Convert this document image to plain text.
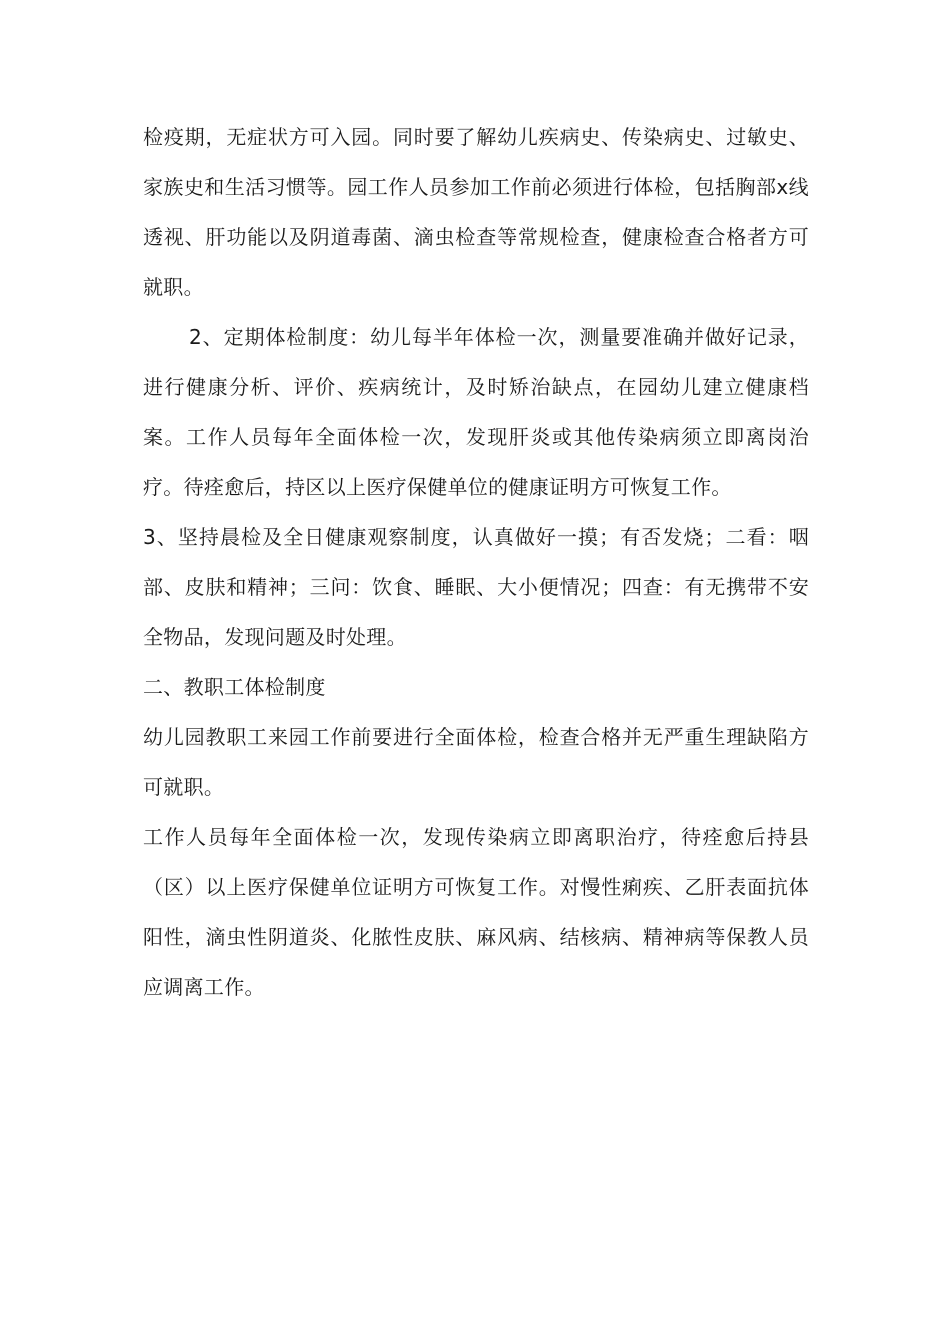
检疫期，无症状方可入园。同时要了解幼儿疾病史、传染病史、过敏史、家族史和生活习惯等。园工作人员参加工作前必须进行体检，包括胸部x线透视、肝功能以及阴道毒菌、滴虫检查等常规检查，健康检查合格者方可就职。

2、定期体检制度：幼儿每半年体检一次，测量要准确并做好记录，进行健康分析、评价、疾病统计，及时矫治缺点，在园幼儿建立健康档案。工作人员每年全面体检一次，发现肝炎或其他传染病须立即离岗治疗。待痊愈后，持区以上医疗保健单位的健康证明方可恢复工作。

3、坚持晨检及全日健康观察制度，认真做好一摸；有否发烧；二看：咽部、皮肤和精神；三问：饮食、睡眠、大小便情况；四查：有无携带不安全物品，发现问题及时处理。

二、教职工体检制度

幼儿园教职工来园工作前要进行全面体检，检查合格并无严重生理缺陷方可就职。

工作人员每年全面体检一次，发现传染病立即离职治疗，待痊愈后持县（区）以上医疗保健单位证明方可恢复工作。对慢性痢疾、乙肝表面抗体阳性，滴虫性阴道炎、化脓性皮肤、麻风病、结核病、精神病等保教人员应调离工作。
